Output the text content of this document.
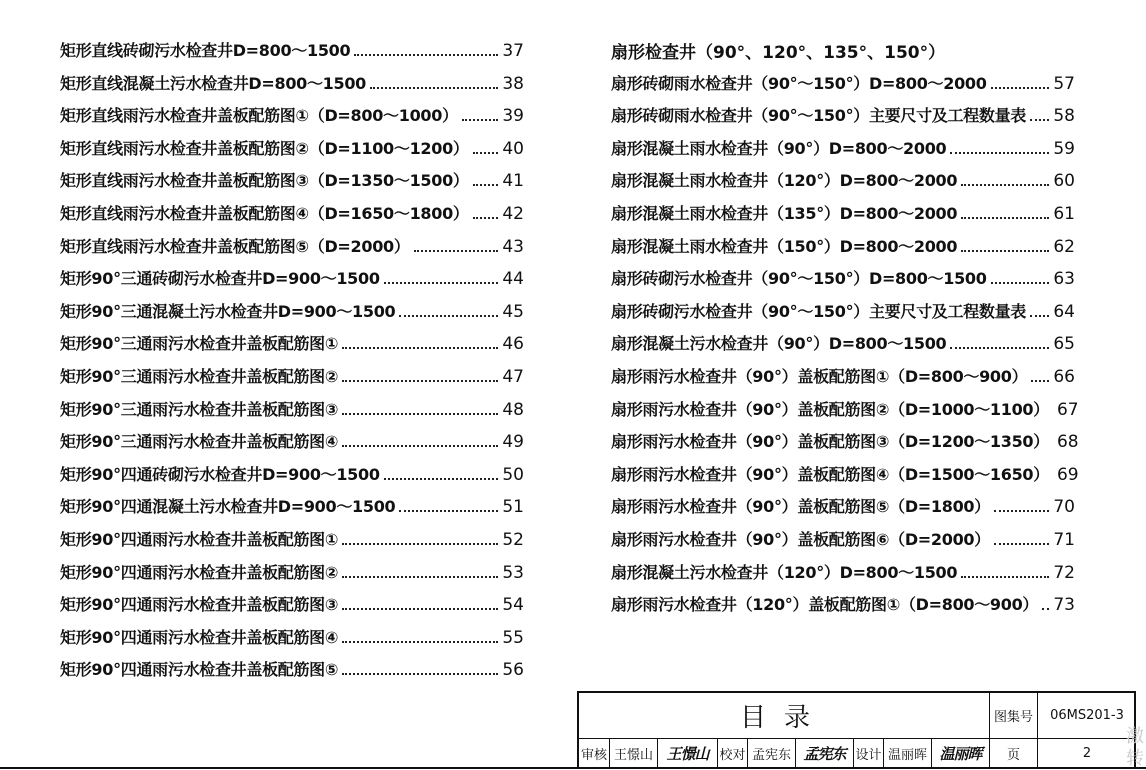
矩形直线砖砌污水检查井D=800～1500	37
矩形直线混凝土污水检查井D=800～1500	38
矩形直线雨污水检查井盖板配筋图①（D=800～1000）	39
矩形直线雨污水检查井盖板配筋图②（D=1100～1200） 40
矩形直线雨污水检查井盖板配筋图③（D=1350～1500） 41
矩形直线雨污水检查井盖板配筋图④（D=1650～1800） 42
矩形直线雨污水检查井盖板配筋图⑤（D=2000）	43
矩形90°三通砖砌污水检查井D=900～1500	44
矩形90°三通混凝土污水检查井D=900～1500	45
矩形90°三通雨污水检查井盖板配筋图①	46
矩形90°三通雨污水检查井盖板配筋图②	47
矩形90°三通雨污水检查井盖板配筋图③	48
矩形90°三通雨污水检查井盖板配筋图④	49
矩形90°四通砖砌污水检查井D=900～1500	50
矩形90°四通混凝土污水检查井D=900～1500	51
矩形90°四通雨污水检查井盖板配筋图①	52
矩形90°四通雨污水检查井盖板配筋图②	53
矩形90°四通雨污水检查井盖板配筋图③	54
矩形90°四通雨污水检查井盖板配筋图④	55
矩形90°四通雨污水检查井盖板配筋图⑤	56
扇形检查井（90°、120°、135°、150°）
扇形砖砌雨水检查井（90°～150°）D=800～2000	57
扇形砖砌雨水检查井（90°～150°）主要尺寸及工程数量表 58
扇形混凝土雨水检查井（90°）D=800～2000	59
扇形混凝土雨水检查井（120°）D=800～2000	60
扇形混凝土雨水检查井（135°）D=800～2000	61
扇形混凝土雨水检查井（150°）D=800～2000	62
扇形砖砌污水检查井（90°～150°）D=800～1500	63
扇形砖砌污水检查井（90°～150°）主要尺寸及工程数量表 64
扇形混凝土污水检查井（90°）D=800～1500	65
扇形雨污水检查井（90°）盖板配筋图①（D=800～900） 66
扇形雨污水检查井（90°）盖板配筋图②（D=1000～1100） 67
扇形雨污水检查井（90°）盖板配筋图③（D=1200～1350） 68
扇形雨污水检查井（90°）盖板配筋图④（D=1500～1650） 69
扇形雨污水检查井（90°）盖板配筋图⑤（D=1800）	70
扇形雨污水检查井（90°）盖板配筋图⑥（D=2000）	71
扇形混凝土污水检查井（120°）D=800～1500	72
扇形雨污水检查井（120°）盖板配筋图①（D=800～900） 73
目录	图集号	06MS201-3
审核 王憬山 王憬山 校对 孟宪东 孟宪东 设计 温丽晖 温丽晖	页	2
激
转
